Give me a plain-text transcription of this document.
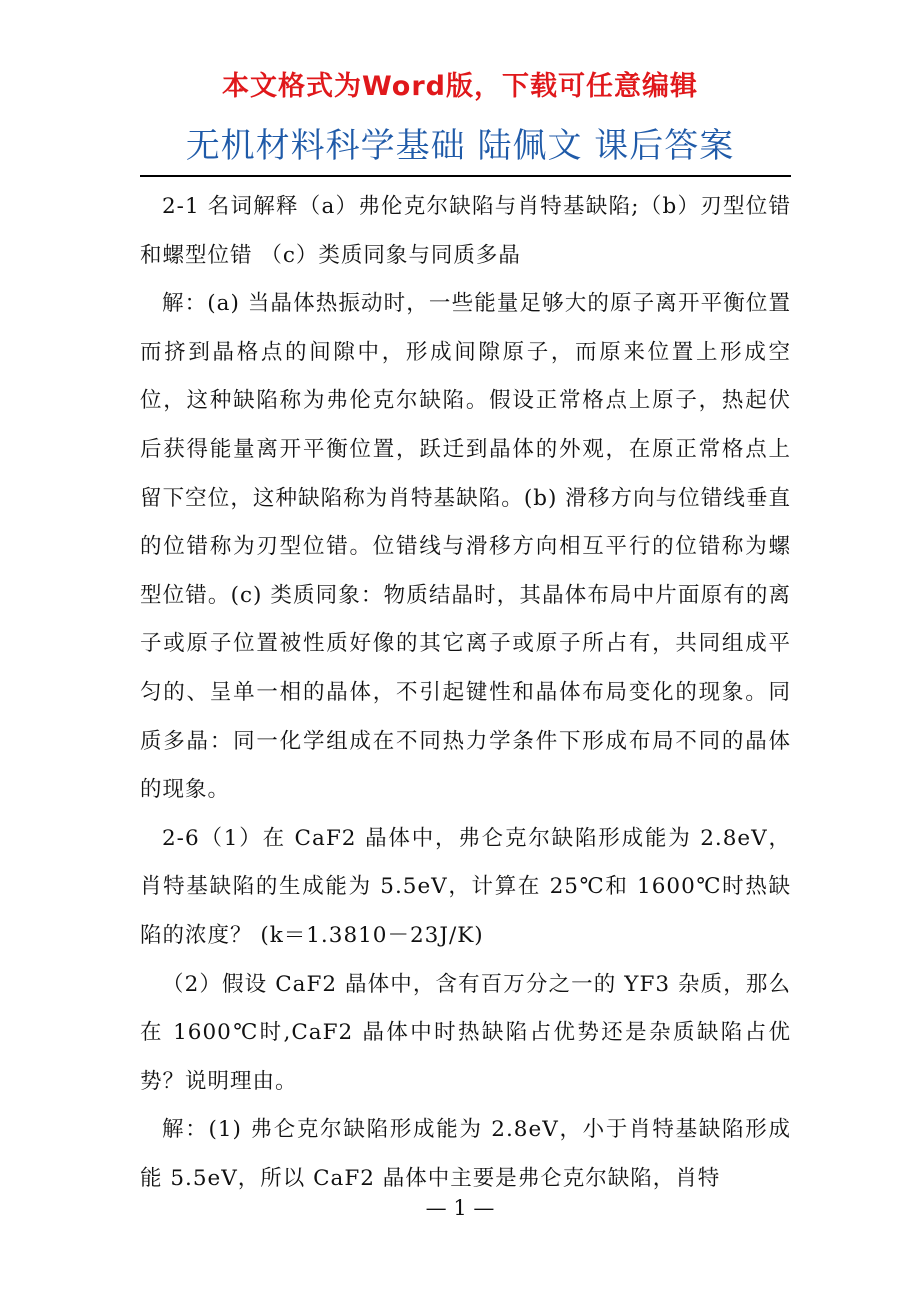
本文格式为Word版，下载可任意编辑
无机材料科学基础 陆佩文 课后答案

2-1 名词解释（a）弗伦克尔缺陷与肖特基缺陷;（b）刃型位错和螺型位错 （c）类质同象与同质多晶

解：(a) 当晶体热振动时，一些能量足够大的原子离开平衡位置而挤到晶格点的间隙中，形成间隙原子，而原来位置上形成空位，这种缺陷称为弗伦克尔缺陷。假设正常格点上原子，热起伏后获得能量离开平衡位置，跃迁到晶体的外观，在原正常格点上留下空位，这种缺陷称为肖特基缺陷。(b) 滑移方向与位错线垂直的位错称为刃型位错。位错线与滑移方向相互平行的位错称为螺型位错。(c) 类质同象：物质结晶时，其晶体布局中片面原有的离子或原子位置被性质好像的其它离子或原子所占有，共同组成平匀的、呈单一相的晶体，不引起键性和晶体布局变化的现象。同质多晶：同一化学组成在不同热力学条件下形成布局不同的晶体的现象。

2-6（1）在 CaF2 晶体中，弗仑克尔缺陷形成能为 2.8eV，肖特基缺陷的生成能为 5.5eV，计算在 25℃和 1600℃时热缺陷的浓度？ (k＝1.3810－23J/K)

（2）假设 CaF2 晶体中，含有百万分之一的 YF3 杂质，那么在 1600℃时,CaF2 晶体中时热缺陷占优势还是杂质缺陷占优势？说明理由。

解：(1) 弗仑克尔缺陷形成能为 2.8eV，小于肖特基缺陷形成能 5.5eV，所以 CaF2 晶体中主要是弗仑克尔缺陷，肖特

— 1 —
